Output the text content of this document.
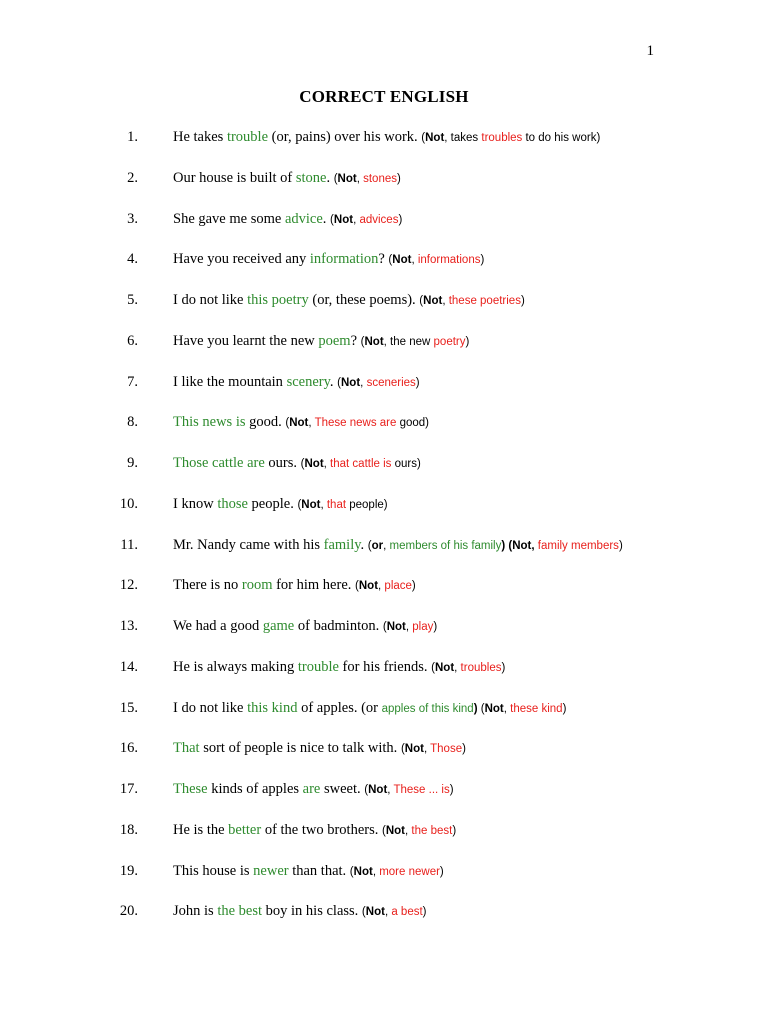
1
CORRECT ENGLISH
1. He takes trouble (or, pains) over his work. (Not, takes troubles to do his work)
2. Our house is built of stone. (Not, stones)
3. She gave me some advice. (Not, advices)
4. Have you received any information? (Not, informations)
5. I do not like this poetry (or, these poems). (Not, these poetries)
6. Have you learnt the new poem? (Not, the new poetry)
7. I like the mountain scenery. (Not, sceneries)
8. This news is good. (Not, These news are good)
9. Those cattle are ours. (Not, that cattle is ours)
10. I know those people. (Not, that people)
11. Mr. Nandy came with his family. (or, members of his family) (Not, family members)
12. There is no room for him here. (Not, place)
13. We had a good game of badminton. (Not, play)
14. He is always making trouble for his friends. (Not, troubles)
15. I do not like this kind of apples. (or apples of this kind) (Not, these kind)
16. That sort of people is nice to talk with. (Not, Those)
17. These kinds of apples are sweet. (Not, These ... is)
18. He is the better of the two brothers. (Not, the best)
19. This house is newer than that. (Not, more newer)
20. John is the best boy in his class. (Not, a best)
